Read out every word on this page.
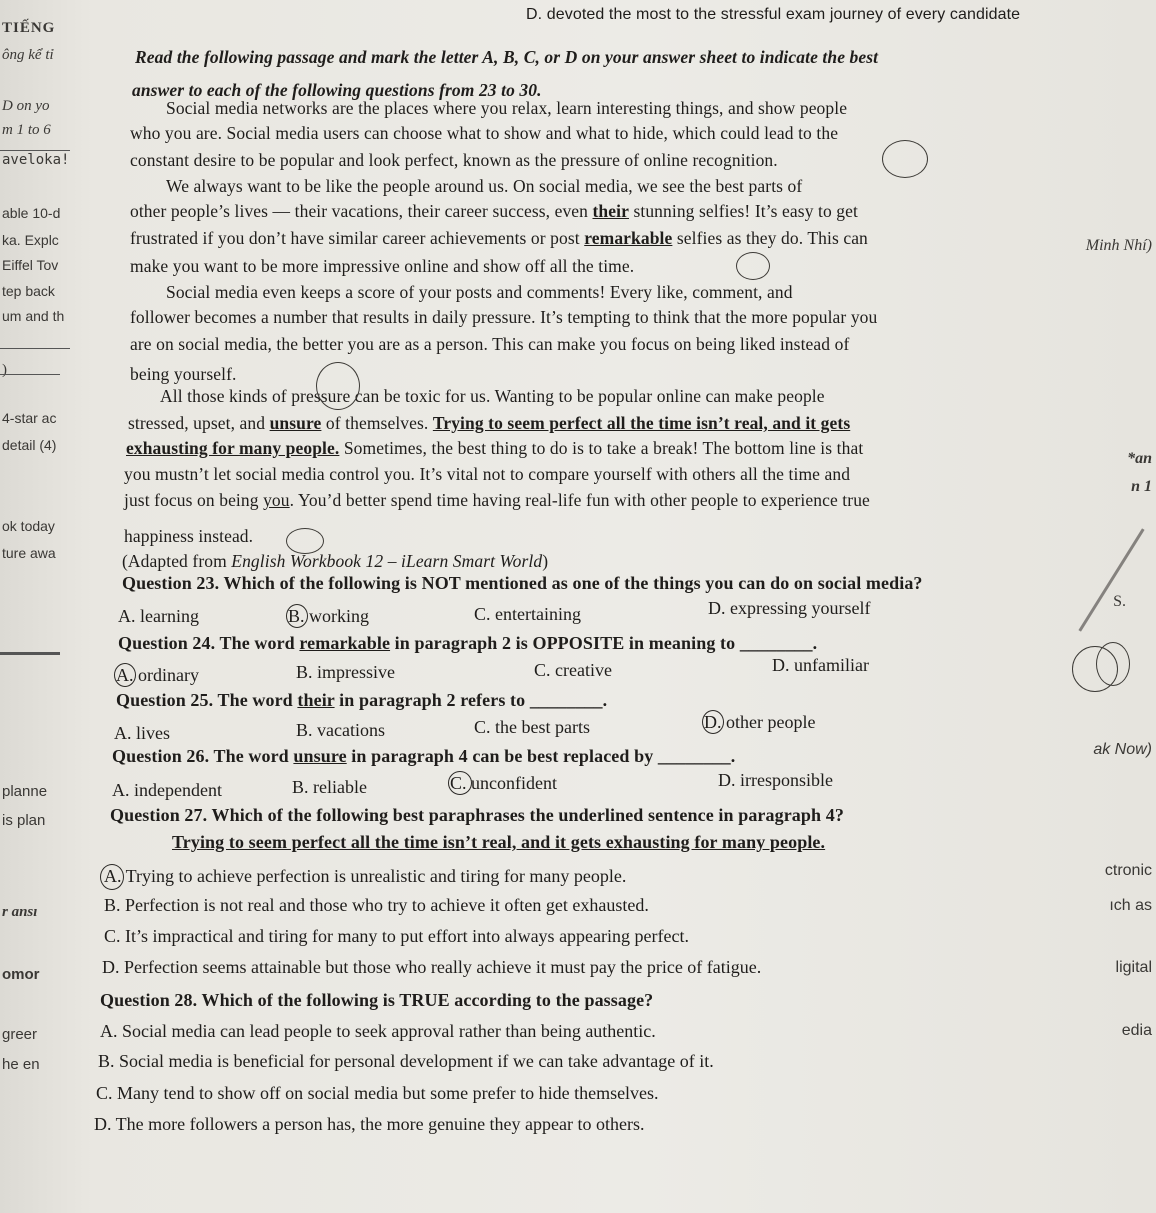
TIẾNG
ông kể tỉ
D on yo
m 1 to 6
aveloka!
able 10-d
ka. Explc
Eiffel Tov
tep back
um and th
)
4-star ac
detail (4)
ok today
ture awa
planne
is plan
r ansı
omor
greer
he en
Minh Nhí)
*an
n 1
S.
ak Now)
ctronic
ıch as
ligital
edia
D. devoted the most to the stressful exam journey of every candidate
Read the following passage and mark the letter A, B, C, or D on your answer sheet to indicate the best
answer to each of the following questions from 23 to 30.
Social media networks are the places where you relax, learn interesting things, and show people
who you are. Social media users can choose what to show and what to hide, which could lead to the
constant desire to be popular and look perfect, known as the pressure of online recognition.
We always want to be like the people around us. On social media, we see the best parts of
other people’s lives — their vacations, their career success, even their stunning selfies! It’s easy to get
frustrated if you don’t have similar career achievements or post remarkable selfies as they do. This can
make you want to be more impressive online and show off all the time.
Social media even keeps a score of your posts and comments! Every like, comment, and
follower becomes a number that results in daily pressure. It’s tempting to think that the more popular you
are on social media, the better you are as a person. This can make you focus on being liked instead of
being yourself.
All those kinds of pressure can be toxic for us. Wanting to be popular online can make people
stressed, upset, and unsure of themselves. Trying to seem perfect all the time isn’t real, and it gets
exhausting for many people. Sometimes, the best thing to do is to take a break! The bottom line is that
you mustn’t let social media control you. It’s vital not to compare yourself with others all the time and
just focus on being you. You’d better spend time having real-life fun with other people to experience true
happiness instead.
(Adapted from English Workbook 12 – iLearn Smart World)
Question 23. Which of the following is NOT mentioned as one of the things you can do on social media?
A. learning	B. working	C. entertaining	D. expressing yourself
Question 24. The word remarkable in paragraph 2 is OPPOSITE in meaning to ________.
A. ordinary	B. impressive	C. creative	D. unfamiliar
Question 25. The word their in paragraph 2 refers to ________.
A. lives	B. vacations	C. the best parts	D. other people
Question 26. The word unsure in paragraph 4 can be best replaced by ________.
A. independent	B. reliable	C. unconfident	D. irresponsible
Question 27. Which of the following best paraphrases the underlined sentence in paragraph 4?
Trying to seem perfect all the time isn’t real, and it gets exhausting for many people.
A. Trying to achieve perfection is unrealistic and tiring for many people.
B. Perfection is not real and those who try to achieve it often get exhausted.
C. It’s impractical and tiring for many to put effort into always appearing perfect.
D. Perfection seems attainable but those who really achieve it must pay the price of fatigue.
Question 28. Which of the following is TRUE according to the passage?
A. Social media can lead people to seek approval rather than being authentic.
B. Social media is beneficial for personal development if we can take advantage of it.
C. Many tend to show off on social media but some prefer to hide themselves.
D. The more followers a person has, the more genuine they appear to others.
